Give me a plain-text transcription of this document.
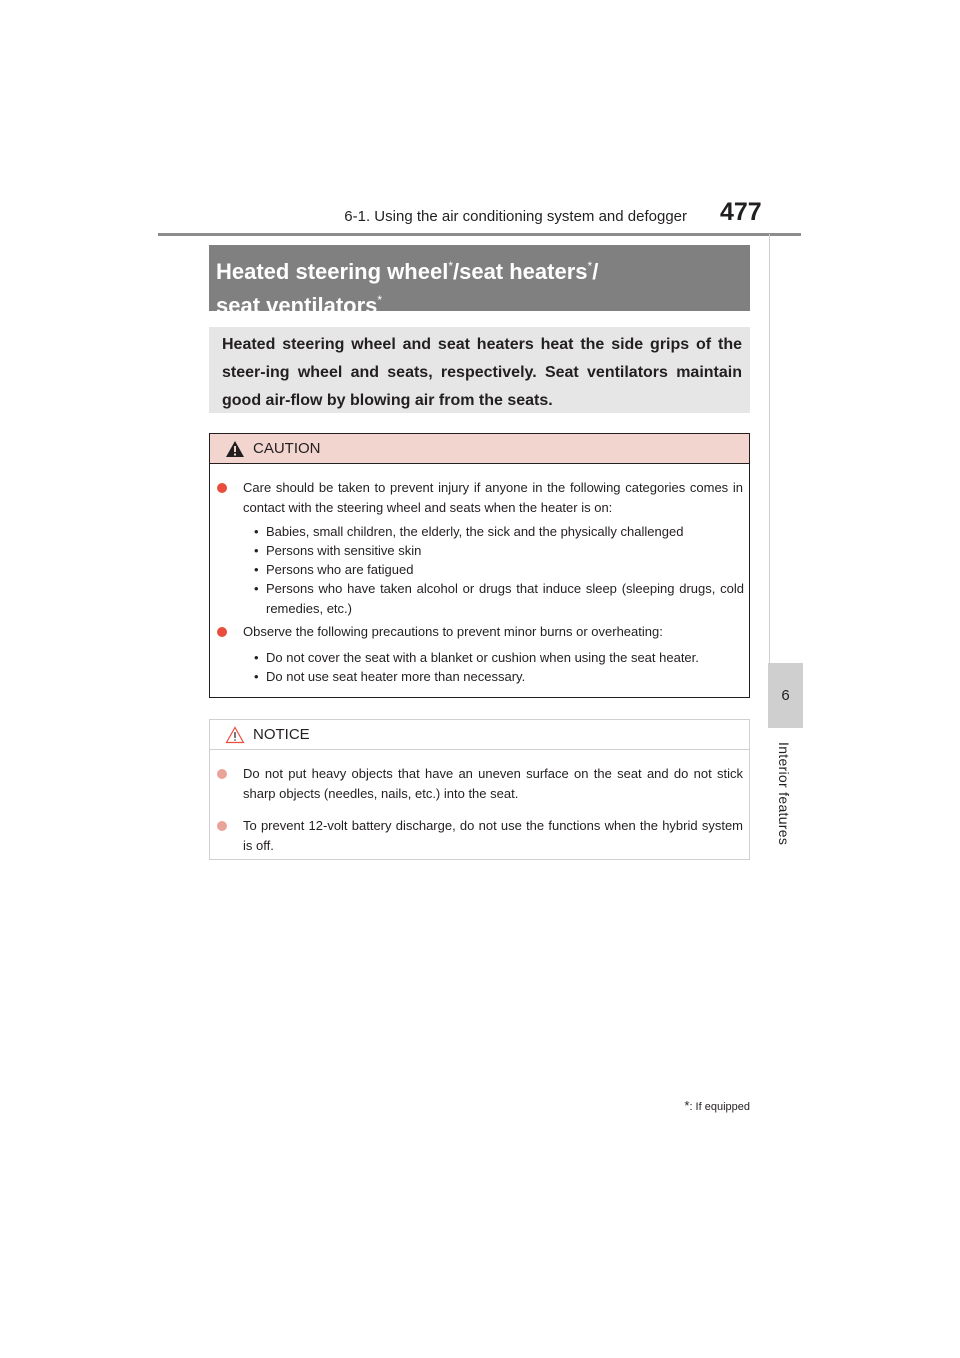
6-1. Using the air conditioning system and defogger 477
6
Interior features
Heated steering wheel*/seat heaters*/
seat ventilators*
Heated steering wheel and seat heaters heat the side grips of the steer-ing wheel and seats, respectively. Seat ventilators maintain good air-flow by blowing air from the seats.
CAUTION
Care should be taken to prevent injury if anyone in the following categories comes in contact with the steering wheel and seats when the heater is on:
• Babies, small children, the elderly, the sick and the physically challenged
• Persons with sensitive skin
• Persons who are fatigued
• Persons who have taken alcohol or drugs that induce sleep (sleeping drugs, cold remedies, etc.)
Observe the following precautions to prevent minor burns or overheating:
• Do not cover the seat with a blanket or cushion when using the seat heater.
• Do not use seat heater more than necessary.
NOTICE
Do not put heavy objects that have an uneven surface on the seat and do not stick sharp objects (needles, nails, etc.) into the seat.
To prevent 12-volt battery discharge, do not use the functions when the hybrid system is off.
*: If equipped
